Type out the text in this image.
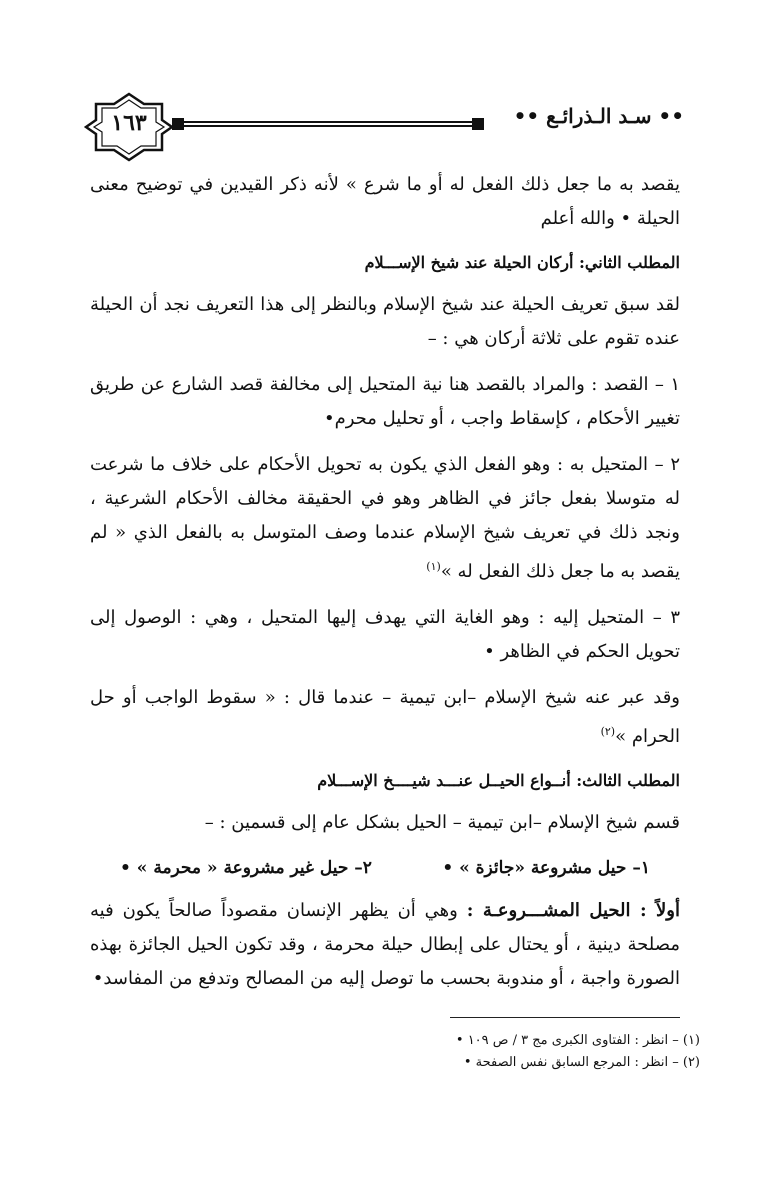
١٦٣	•• سـد الـذرائـع ••

يقصد به ما جعل ذلك الفعل له أو ما شرع » لأنه ذكر القيدين في توضيح معنى الحيلة • والله أعلم

المطلب الثاني: أركان الحيلة عند شيخ الإســـلام

لقد سبق تعريف الحيلة عند شيخ الإسلام وبالنظر إلى هذا التعريف نجد أن الحيلة عنده تقوم على ثلاثة أركان هي : –

١ – القصد : والمراد بالقصد هنا نية المتحيل إلى مخالفة قصد الشارع عن طريق تغيير الأحكام ، كإسقاط واجب ، أو تحليل محرم•

٢ – المتحيل به : وهو الفعل الذي يكون به تحويل الأحكام على خلاف ما شرعت له متوسلا بفعل جائز في الظاهر وهو في الحقيقة مخالف الأحكام الشرعية ، ونجد ذلك في تعريف شيخ الإسلام عندما وصف المتوسل به بالفعل الذي « لم يقصد به ما جعل ذلك الفعل له »$^{(١)}$

٣ – المتحيل إليه : وهو الغاية التي يهدف إليها المتحيل ، وهي : الوصول إلى تحويل الحكم في الظاهر •

وقد عبر عنه شيخ الإسلام –ابن تيمية – عندما قال : « سقوط الواجب أو حل الحرام »$^{(٢)}$

المطلب الثالث: أنــواع الحيــل عنـــد شيــــخ الإســـلام

قسم شيخ الإسلام –ابن تيمية – الحيل بشكل عام إلى قسمين : –

١– حيل مشروعة «جائزة » •
٢– حيل غير مشروعة « محرمة » •

أولاً : الحيل المشـــروعـة : وهي أن يظهر الإنسان مقصوداً صالحاً يكون فيه مصلحة دينية ، أو يحتال على إبطال حيلة محرمة ، وقد تكون الحيل الجائزة بهذه الصورة واجبة ، أو مندوبة بحسب ما توصل إليه من المصالح وتدفع من المفاسد•

(١) – انظر : الفتاوى الكبرى مج ٣ / ص ١٠٩ •
(٢) – انظر : المرجع السابق نفس الصفحة •
